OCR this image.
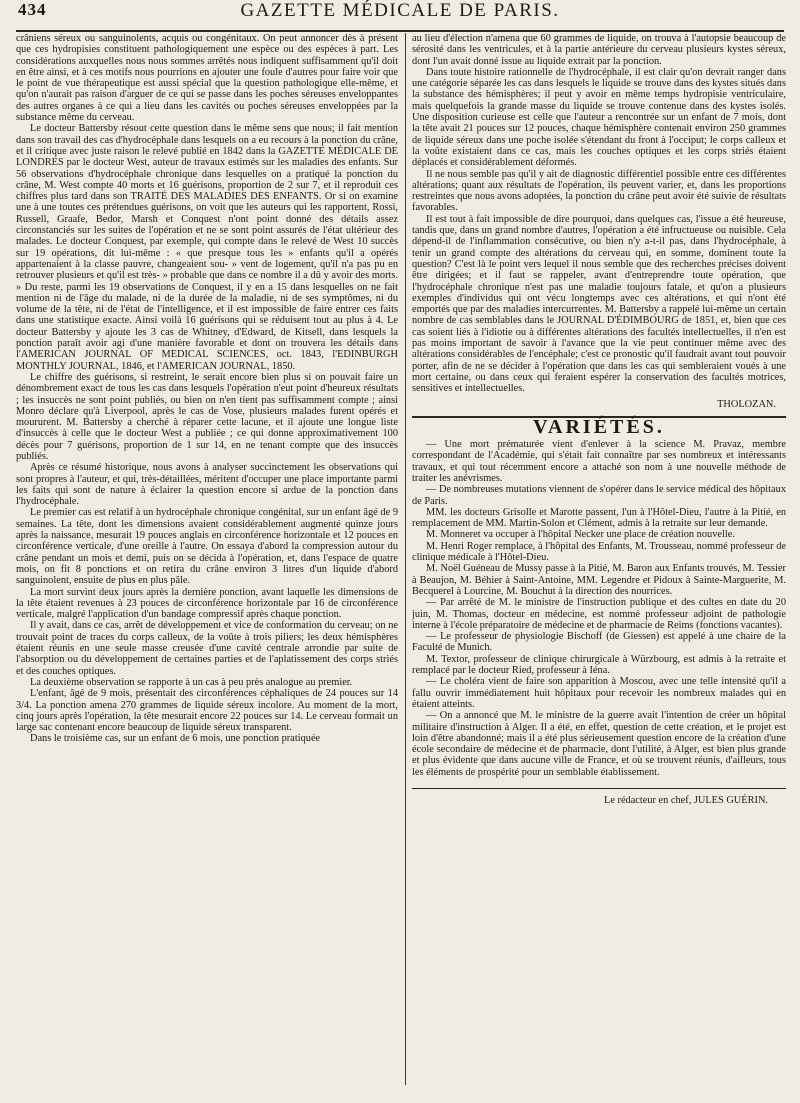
434	GAZETTE MÉDICALE DE PARIS.

crâniens séreux ou sanguinolents, acquis ou congénitaux. On peut annoncer dès à présent que ces hydropisies constituent pathologiquement une espèce ou des espèces à part. Les considérations auxquelles nous nous sommes arrêtés nous indiquent suffisamment qu'il doit en être ainsi, et à ces motifs nous pourrions en ajouter une foule d'autres pour faire voir que le point de vue thérapeutique est aussi spécial que la question pathologique elle-même, et qu'on n'aurait pas raison d'arguer de ce qui se passe dans les poches séreuses enveloppantes des autres organes à ce qui a lieu dans les cavités ou poches séreuses enveloppées par la substance même du cerveau.

Le docteur Battersby résout cette question dans le même sens que nous; il fait mention dans son travail des cas d'hydrocéphale dans lesquels on a eu recours à la ponction du crâne, et il critique avec juste raison le relevé publié en 1842 dans la GAZETTE MÉDICALE DE LONDRES par le docteur West, auteur de travaux estimés sur les maladies des enfants. Sur 56 observations d'hydrocéphale chronique dans lesquelles on a pratiqué la ponction du crâne, M. West compte 40 morts et 16 guérisons, proportion de 2 sur 7, et il reproduit ces chiffres plus tard dans son TRAITÉ DES MALADIES DES ENFANTS. Or si on examine une à une toutes ces prétendues guérisons, on voit que les auteurs qui les rapportent, Rossi, Russell, Graafe, Bedor, Marsh et Conquest n'ont point donné des détails assez circonstanciés sur les suites de l'opération et ne se sont point assurés de l'état ultérieur des malades. Le docteur Conquest, par exemple, qui compte dans le relevé de West 10 succès sur 19 opérations, dit lui-même : « que presque tous les » enfants qu'il a opérés appartenaient à la classe pauvre, changeaient sou- » vent de logement, qu'il n'a pas pu en retrouver plusieurs et qu'il est très- » probable que dans ce nombre il a dû y avoir des morts. » Du reste, parmi les 19 observations de Conquest, il y en a 15 dans lesquelles on ne fait mention ni de l'âge du malade, ni de la durée de la maladie, ni de ses symptômes, ni du volume de la tête, ni de l'état de l'intelligence, et il est impossible de faire entrer ces faits dans une statistique exacte. Ainsi voilà 16 guérisons qui se réduisent tout au plus à 4. Le docteur Battersby y ajoute les 3 cas de Whitney, d'Edward, de Kitsell, dans lesquels la ponction paraît avoir agi d'une manière favorable et dont on trouvera les détails dans l'AMERICAN JOURNAL OF MEDICAL SCIENCES, oct. 1843, l'EDINBURGH MONTHLY JOURNAL, 1846, et l'AMERICAN JOURNAL, 1850.

Le chiffre des guérisons, si restreint, le serait encore bien plus si on pouvait faire un dénombrement exact de tous les cas dans lesquels l'opération n'eut point d'heureux résultats ; les insuccès ne sont point publiés, ou bien on n'en tient pas suffisamment compte ; ainsi Monro déclare qu'à Liverpool, après le cas de Vose, plusieurs malades furent opérés et moururent. M. Battersby a cherché à réparer cette lacune, et il ajoute une longue liste d'insuccès à celle que le docteur West a publiée ; ce qui donne approximativement 100 décès pour 7 guérisons, proportion de 1 sur 14, en ne tenant compte que des insuccès publiés.

Après ce résumé historique, nous avons à analyser succinctement les observations qui sont propres à l'auteur, et qui, très-détaillées, méritent d'occuper une place importante parmi les faits qui sont de nature à éclairer la question encore si ardue de la ponction dans l'hydrocéphale.

Le premier cas est relatif à un hydrocéphale chronique congénital, sur un enfant âgé de 9 semaines. La tête, dont les dimensions avaient considérablement augmenté quinze jours après la naissance, mesurait 19 pouces anglais en circonférence horizontale et 12 pouces en circonférence verticale, d'une oreille à l'autre. On essaya d'abord la compression autour du crâne pendant un mois et demi, puis on se décida à l'opération, et, dans l'espace de quatre mois, on fit 8 ponctions et on retira du crâne environ 3 litres d'un liquide d'abord sanguinolent, ensuite de plus en plus pâle.

La mort survint deux jours après la dernière ponction, avant laquelle les dimensions de la tête étaient revenues à 23 pouces de circonférence horizontale par 16 de circonférence verticale, malgré l'application d'un bandage compressif après chaque ponction.

Il y avait, dans ce cas, arrêt de développement et vice de conformation du cerveau; on ne trouvait point de traces du corps calleux, de la voûte à trois piliers; les deux hémisphères étaient réunis en une seule masse creusée d'une cavité centrale arrondie par suite de l'absorption ou du développement de certaines parties et de l'aplatissement des corps striés et des couches optiques.

La deuxième observation se rapporte à un cas à peu près analogue au premier.

L'enfant, âgé de 9 mois, présentait des circonférences céphaliques de 24 pouces sur 14 3/4. La ponction amena 270 grammes de liquide séreux incolore. Au moment de la mort, cinq jours après l'opération, la tête mesurait encore 22 pouces sur 14. Le cerveau formait un large sac contenant encore beaucoup de liquide séreux transparent.

Dans le troisième cas, sur un enfant de 6 mois, une ponction pratiquée

au lieu d'élection n'amena que 60 grammes de liquide, on trouva à l'autopsie beaucoup de sérosité dans les ventricules, et à la partie antérieure du cerveau plusieurs kystes séreux, dont l'un avait donné issue au liquide extrait par la ponction.

Dans toute histoire rationnelle de l'hydrocéphale, il est clair qu'on devrait ranger dans une catégorie séparée les cas dans lesquels le liquide se trouve dans des kystes situés dans la substance des hémisphères; il peut y avoir en même temps hydropisie ventriculaire, mais quelquefois la grande masse du liquide se trouve contenue dans des kystes isolés. Une disposition curieuse est celle que l'auteur a rencontrée sur un enfant de 7 mois, dont la tête avait 21 pouces sur 12 pouces, chaque hémisphère contenait environ 250 grammes de liquide séreux dans une poche isolée s'étendant du front à l'occiput; le corps calleux et la voûte existaient dans ce cas, mais les couches optiques et les corps striés étaient déplacés et considérablement déformés.

Il ne nous semble pas qu'il y ait de diagnostic différentiel possible entre ces différentes altérations; quant aux résultats de l'opération, ils peuvent varier, et, dans les proportions restreintes que nous avons adoptées, la ponction du crâne peut avoir été suivie de résultats favorables.

Il est tout à fait impossible de dire pourquoi, dans quelques cas, l'issue a été heureuse, tandis que, dans un grand nombre d'autres, l'opération a été infructueuse ou nuisible. Cela dépend-il de l'inflammation consécutive, ou bien n'y a-t-il pas, dans l'hydrocéphale, à tenir un grand compte des altérations du cerveau qui, en somme, dominent toute la question? C'est là le point vers lequel il nous semble que des recherches précises doivent être dirigées; et il faut se rappeler, avant d'entreprendre toute opération, que l'hydrocéphale chronique n'est pas une maladie toujours fatale, et qu'on a plusieurs exemples d'individus qui ont vécu longtemps avec ces altérations, et qui n'ont été emportés que par des maladies intercurrentes. M. Battersby a rappelé lui-même un certain nombre de cas semblables dans le JOURNAL D'ÉDIMBOURG de 1851, et, bien que ces cas soient liés à l'idiotie ou à différentes altérations des facultés intellectuelles, il n'en est pas moins important de savoir à l'avance que la vie peut continuer même avec des altérations considérables de l'encéphale; c'est ce pronostic qu'il faudrait avant tout pouvoir porter, afin de ne se décider à l'opération que dans les cas qui sembleraient voués à une mort certaine, ou dans ceux qui feraient espérer la conservation des facultés motrices, sensitives et intellectuelles.

THOLOZAN.
VARIÉTÉS.

— Une mort prématurée vient d'enlever à la science M. Pravaz, membre correspondant de l'Académie, qui s'était fait connaître par ses nombreux et intéressants travaux, et qui tout récemment encore a attaché son nom à une nouvelle méthode de traiter les anévrismes.

— De nombreuses mutations viennent de s'opérer dans le service médical des hôpitaux de Paris.

MM. les docteurs Grisolle et Marotte passent, l'un à l'Hôtel-Dieu, l'autre à la Pitié, en remplacement de MM. Martin-Solon et Clément, admis à la retraite sur leur demande.

M. Monneret va occuper à l'hôpital Necker une place de création nouvelle.

M. Henri Roger remplace, à l'hôpital des Enfants, M. Trousseau, nommé professeur de clinique médicale à l'Hôtel-Dieu.

M. Noël Guéneau de Mussy passe à la Pitié, M. Baron aux Enfants trouvés, M. Tessier à Beaujon, M. Béhier à Saint-Antoine, MM. Legendre et Pidoux à Sainte-Marguerite, M. Becquerel à Lourcine, M. Bouchut à la direction des nourrices.

— Par arrêté de M. le ministre de l'instruction publique et des cultes en date du 20 juin, M. Thomas, docteur en médecine, est nommé professeur adjoint de pathologie interne à l'école préparatoire de médecine et de pharmacie de Reims (fonctions vacantes).

— Le professeur de physiologie Bischoff (de Giessen) est appelé à une chaire de la Faculté de Munich.

M. Textor, professeur de clinique chirurgicale à Würzbourg, est admis à la retraite et remplacé par le docteur Ried, professeur à Iéna.

— Le choléra vient de faire son apparition à Moscou, avec une telle intensité qu'il a fallu ouvrir immédiatement huit hôpitaux pour recevoir les nombreux malades qui en étaient atteints.

— On a annoncé que M. le ministre de la guerre avait l'intention de créer un hôpital militaire d'instruction à Alger. Il a été, en effet, question de cette création, et le projet est loin d'être abandonné; mais il a été plus sérieusement question encore de la création d'une école secondaire de médecine et de pharmacie, dont l'utilité, à Alger, est bien plus grande et plus évidente que dans aucune ville de France, et où se trouvent réunis, d'ailleurs, tous les éléments de prospérité pour un semblable établissement.

Le rédacteur en chef, JULES GUÉRIN.
